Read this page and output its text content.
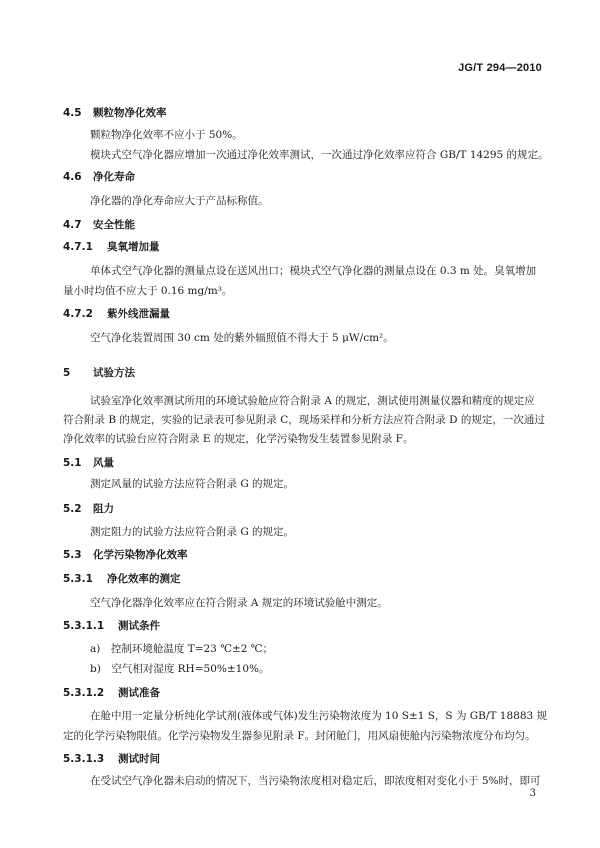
JG/T 294—2010
4.5 颗粒物净化效率
颗粒物净化效率不应小于 50%。
模块式空气净化器应增加一次通过净化效率测试，一次通过净化效率应符合 GB/T 14295 的规定。
4.6 净化寿命
净化器的净化寿命应大于产品标称值。
4.7 安全性能
4.7.1 臭氧增加量
单体式空气净化器的测量点设在送风出口；模块式空气净化器的测量点设在 0.3 m 处。臭氧增加
量小时均值不应大于 0.16 mg/m³。
4.7.2 紫外线泄漏量
空气净化装置周围 30 cm 处的紫外辐照值不得大于 5 μW/cm²。
5 试验方法
试验室净化效率测试所用的环境试验舱应符合附录 A 的规定，测试使用测量仪器和精度的规定应
符合附录 B 的规定，实验的记录表可参见附录 C，现场采样和分析方法应符合附录 D 的规定，一次通过
净化效率的试验台应符合附录 E 的规定，化学污染物发生装置参见附录 F。
5.1 风量
测定风量的试验方法应符合附录 G 的规定。
5.2 阻力
测定阻力的试验方法应符合附录 G 的规定。
5.3 化学污染物净化效率
5.3.1 净化效率的测定
空气净化器净化效率应在符合附录 A 规定的环境试验舱中测定。
5.3.1.1 测试条件
a)　控制环境舱温度 T=23 ℃±2 ℃；
b)　空气相对湿度 RH=50%±10%。
5.3.1.2 测试准备
在舱中用一定量分析纯化学试剂(液体或气体)发生污染物浓度为 10 S±1 S，S 为 GB/T 18883 规
定的化学污染物限值。化学污染物发生器参见附录 F。封闭舱门，用风扇使舱内污染物浓度分布均匀。
5.3.1.3 测试时间
在受试空气净化器未启动的情况下，当污染物浓度相对稳定后，即浓度相对变化小于 5%时，即可
3
